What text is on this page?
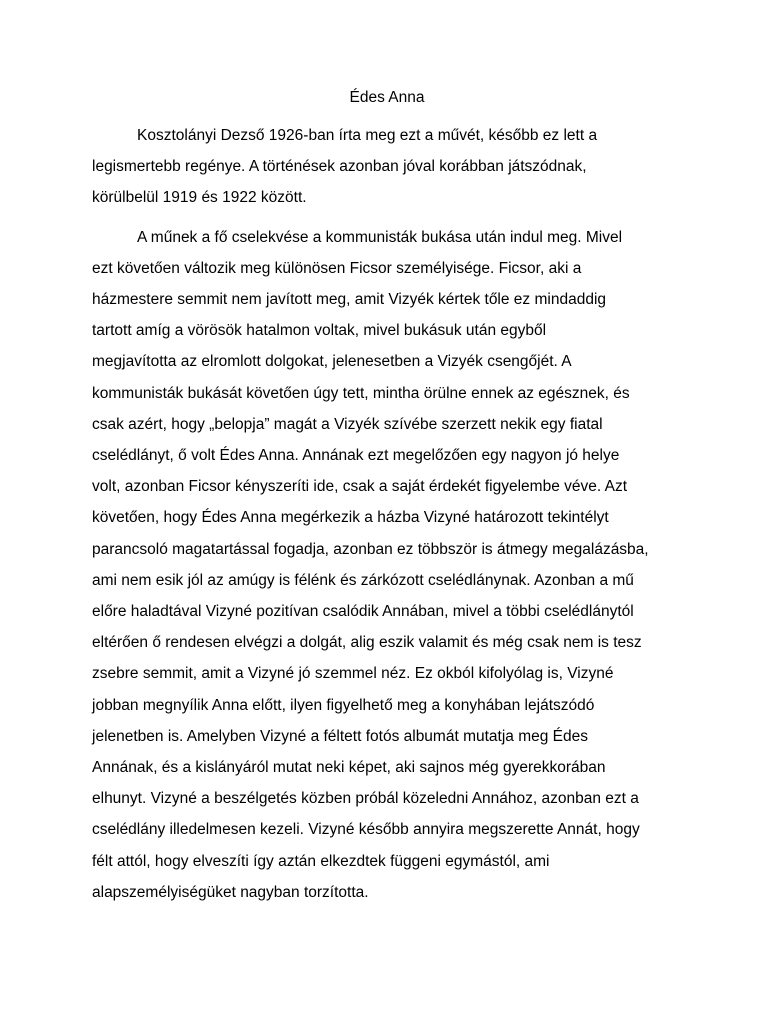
Édes Anna

Kosztolányi Dezső 1926-ban írta meg ezt a művét, később ez lett a
legismertebb regénye. A történések azonban jóval korábban játszódnak,
körülbelül 1919 és 1922 között.

A műnek a fő cselekvése a kommunisták bukása után indul meg. Mivel
ezt követően változik meg különösen Ficsor személyisége. Ficsor, aki a
házmestere semmit nem javított meg, amit Vizyék kértek tőle ez mindaddig
tartott amíg a vörösök hatalmon voltak, mivel bukásuk után egyből
megjavította az elromlott dolgokat, jelenesetben a Vizyék csengőjét. A
kommunisták bukását követően úgy tett, mintha örülne ennek az egésznek, és
csak azért, hogy „belopja” magát a Vizyék szívébe szerzett nekik egy fiatal
cselédlányt, ő volt Édes Anna. Annának ezt megelőzően egy nagyon jó helye
volt, azonban Ficsor kényszeríti ide, csak a saját érdekét figyelembe véve. Azt
követően, hogy Édes Anna megérkezik a házba Vizyné határozott tekintélyt
parancsoló magatartással fogadja, azonban ez többször is átmegy megalázásba,
ami nem esik jól az amúgy is félénk és zárkózott cselédlánynak. Azonban a mű
előre haladtával Vizyné pozitívan csalódik Annában, mivel a többi cselédlánytól
eltérően ő rendesen elvégzi a dolgát, alig eszik valamit és még csak nem is tesz
zsebre semmit, amit a Vizyné jó szemmel néz. Ez okból kifolyólag is, Vizyné
jobban megnyílik Anna előtt, ilyen figyelhető meg a konyhában lejátszódó
jelenetben is. Amelyben Vizyné a féltett fotós albumát mutatja meg Édes
Annának, és a kislányáról mutat neki képet, aki sajnos még gyerekkorában
elhunyt. Vizyné a beszélgetés közben próbál közeledni Annához, azonban ezt a
cselédlány illedelmesen kezeli. Vizyné később annyira megszerette Annát, hogy
félt attól, hogy elveszíti így aztán elkezdtek függeni egymástól, ami
alapszemélyiségüket nagyban torzította.
